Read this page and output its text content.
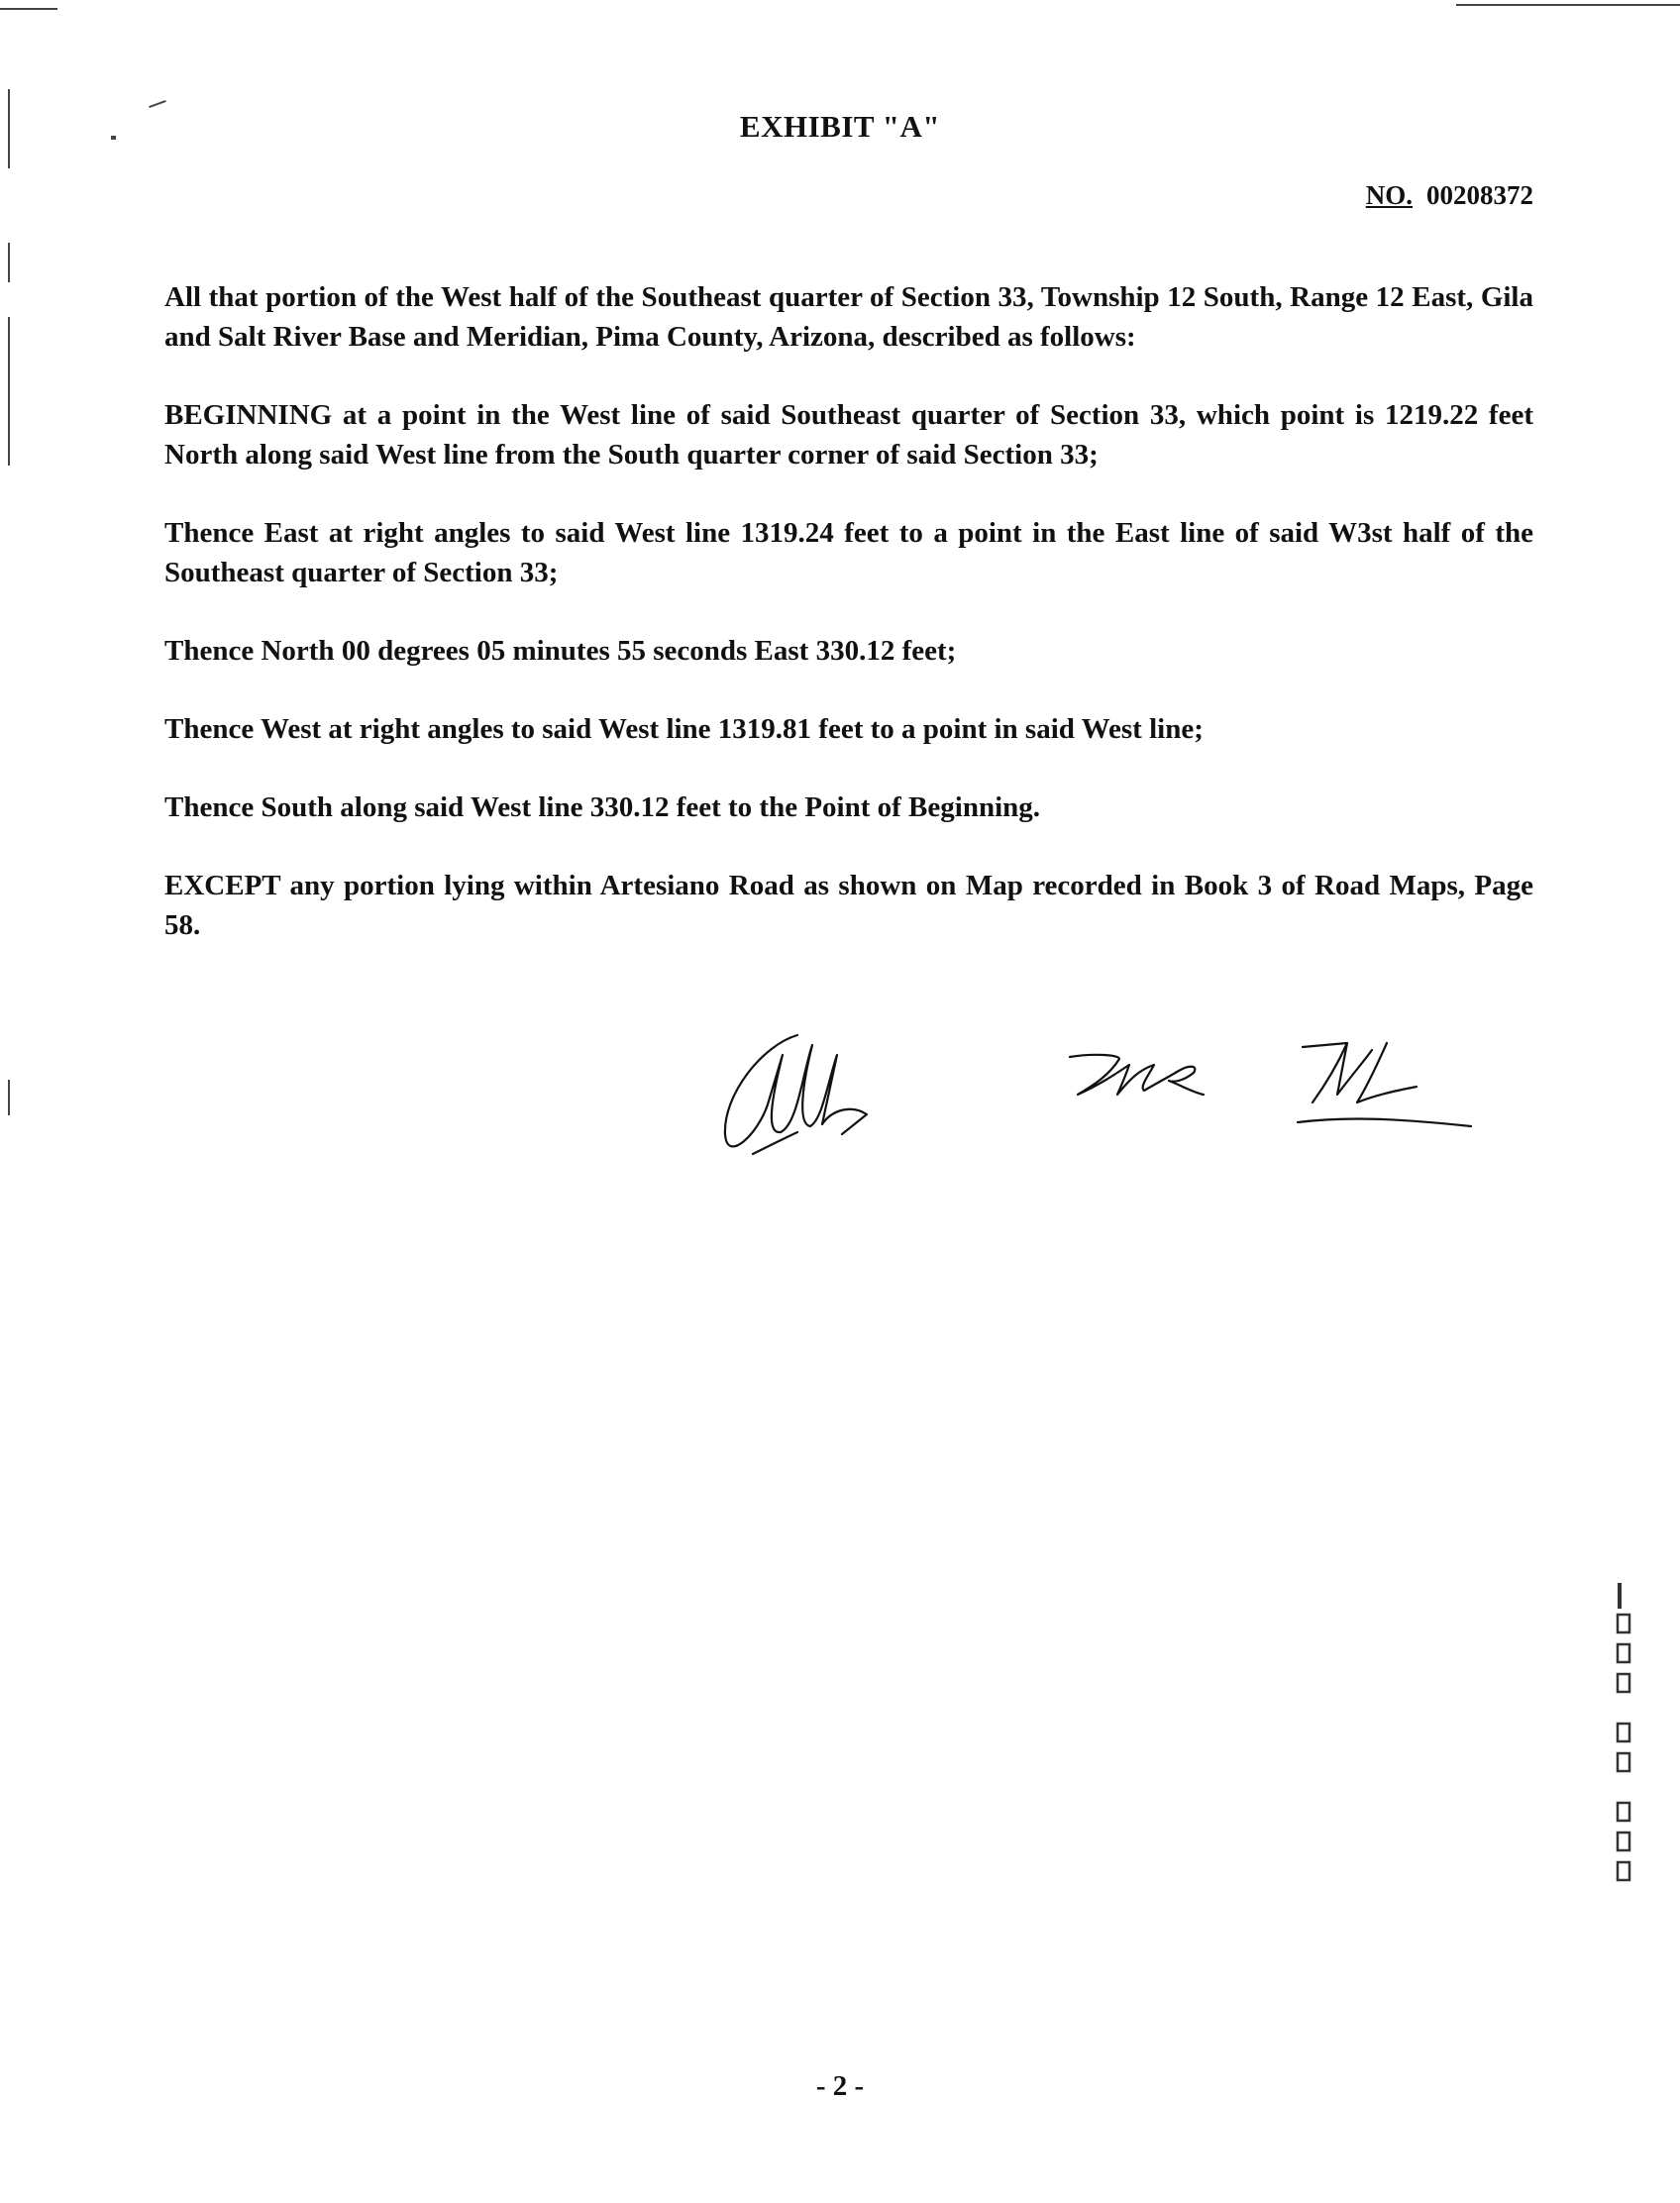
EXHIBIT "A"
NO. 00208372

All that portion of the West half of the Southeast quarter of Section 33, Township 12 South, Range 12 East, Gila and Salt River Base and Meridian, Pima County, Arizona, described as follows:

BEGINNING at a point in the West line of said Southeast quarter of Section 33, which point is 1219.22 feet North along said West line from the South quarter corner of said Section 33;

Thence East at right angles to said West line 1319.24 feet to a point in the East line of said W3st half of the Southeast quarter of Section 33;

Thence North 00 degrees 05 minutes 55 seconds East 330.12 feet;

Thence West at right angles to said West line 1319.81 feet to a point in said West line;

Thence South along said West line 330.12 feet to the Point of Beginning.

EXCEPT any portion lying within Artesiano Road as shown on Map recorded in Book 3 of Road Maps, Page 58.

- 2 -
